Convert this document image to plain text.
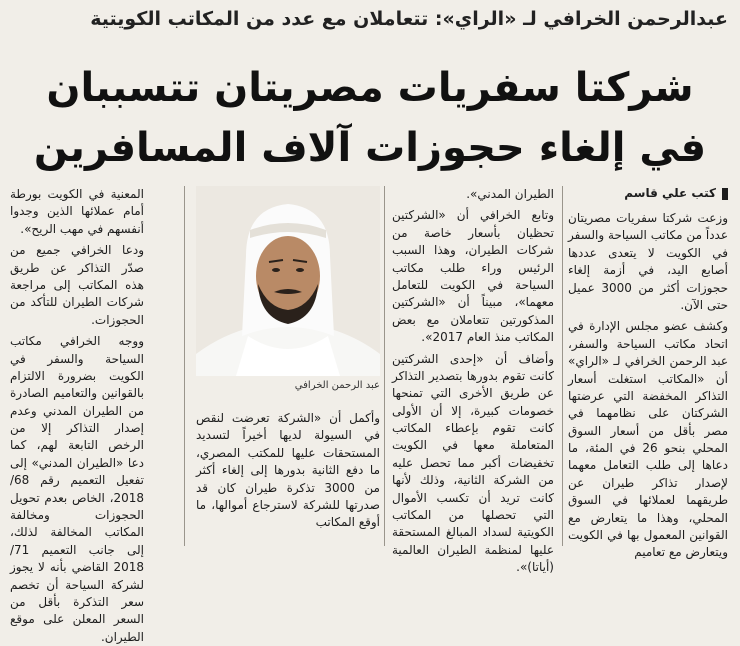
عبدالرحمن الخرافي لـ «الراي»: تتعاملان مع عدد من المكاتب الكويتية
شركتا سفريات مصريتان تتسببان
في إلغاء حجوزات آلاف المسافرين
كتب علي قاسم

وزعت شركتا سفريات مصريتان عدداً من مكاتب السياحة والسفر في الكويت لا يتعدى عددها أصابع اليد، في أزمة إلغاء حجوزات أكثر من 3000 عميل حتى الآن.

وكشف عضو مجلس الإدارة في اتحاد مكاتب السياحة والسفر، عبد الرحمن الخرافي لـ «الراي» أن «المكاتب استغلت أسعار التذاكر المخفضة التي عرضتها الشركتان على نظامهما في مصر بأقل من أسعار السوق المحلي بنحو 26 في المئة، ما دعاها إلى طلب التعامل معهما لإصدار تذاكر طيران عن طريقهما لعملائها في السوق المحلي، وهذا ما يتعارض مع القوانين المعمول بها في الكويت ويتعارض مع تعاميم

الطيران المدني».

وتابع الخرافي أن «الشركتين تحظيان بأسعار خاصة من شركات الطيران، وهذا السبب الرئيس وراء طلب مكاتب السياحة في الكويت للتعامل معهما»، مبيناً أن «الشركتين المذكورتين تتعاملان مع بعض المكاتب منذ العام 2017».

وأضاف أن «إحدى الشركتين كانت تقوم بدورها بتصدير التذاكر عن طريق الأخرى التي تمنحها خصومات كبيرة، إلا أن الأولى كانت تقوم بإعطاء المكاتب المتعاملة معها في الكويت تخفيضات أكبر مما تحصل عليه من الشركة الثانية، وذلك لأنها كانت تريد أن تكسب الأموال التي تحصلها من المكاتب الكويتية لسداد المبالغ المستحقة عليها لمنظمة الطيران العالمية (أياتا)».

عبد الرحمن الخرافي

وأكمل أن «الشركة تعرضت لنقص في السيولة لديها أخيراً لتسديد المستحقات عليها للمكتب المصري، ما دفع الثانية بدورها إلى إلغاء أكثر من 3000 تذكرة طيران كان قد صدرتها للشركة لاسترجاع أموالها، ما أوقع المكاتب

المعنية في الكويت بورطة أمام عملائها الذين وجدوا أنفسهم في مهب الريح».

ودعا الخرافي جميع من صدّر التذاكر عن طريق هذه المكاتب إلى مراجعة شركات الطيران للتأكد من الحجوزات.

ووجه الخرافي مكاتب السياحة والسفر في الكويت بضرورة الالتزام بالقوانين والتعاميم الصادرة من الطيران المدني وعدم إصدار التذاكر إلا من الرخص التابعة لهم، كما دعا «الطيران المدني» إلى تفعيل التعميم رقم 68/ 2018، الخاص بعدم تحويل الحجوزات ومخالفة المكاتب المخالفة لذلك، إلى جانب التعميم 71/ 2018 القاضي بأنه لا يجوز لشركة السياحة أن تخصم سعر التذكرة بأقل من السعر المعلن على موقع الطيران.
